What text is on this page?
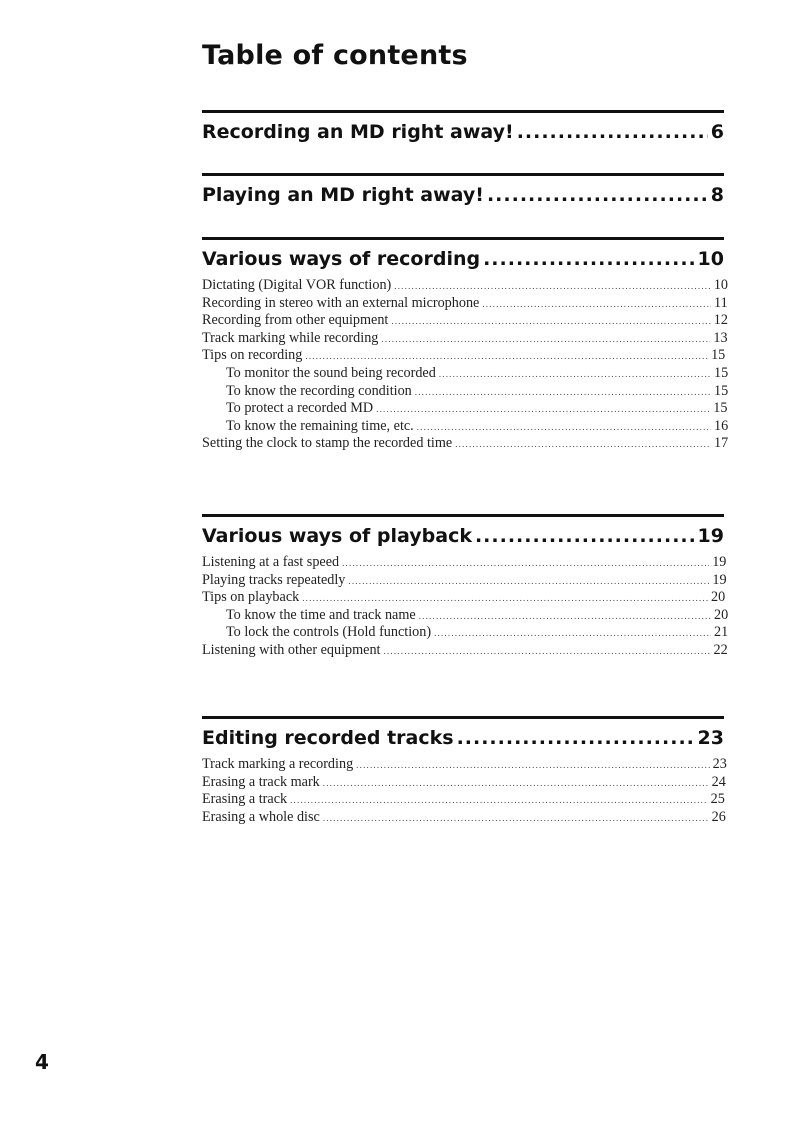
Table of contents
Recording an MD right away! .....	6
Playing an MD right away! .....	8
Various ways of recording .....	10
Dictating (Digital VOR function) .....	10
Recording in stereo with an external microphone .....	11
Recording from other equipment .....	12
Track marking while recording .....	13
Tips on recording .....	15
To monitor the sound being recorded .....	15
To know the recording condition .....	15
To protect a recorded MD .....	15
To know the remaining time, etc. .....	16
Setting the clock to stamp the recorded time .....	17
Various ways of playback .....	19
Listening at a fast speed .....	19
Playing tracks repeatedly .....	19
Tips on playback .....	20
To know the time and track name .....	20
To lock the controls (Hold function) .....	21
Listening with other equipment .....	22
Editing recorded tracks .....	23
Track marking a recording .....	23
Erasing a track mark .....	24
Erasing a track .....	25
Erasing a whole disc .....	26
4
